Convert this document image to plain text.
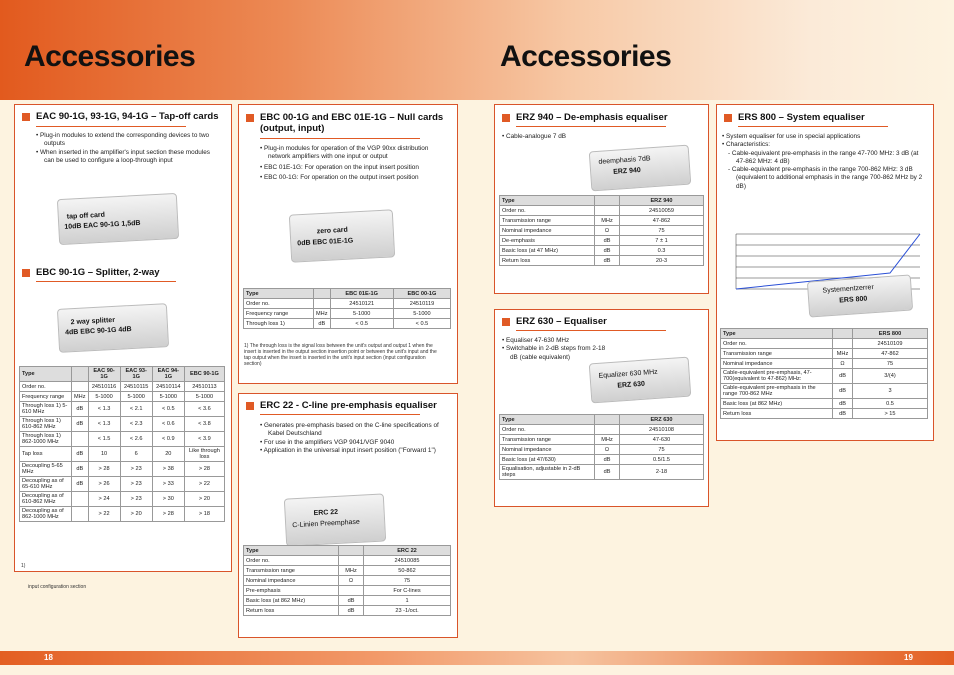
Accessories	Accessories
18	19
EAC 90-1G, 93-1G, 94-1G – Tap-off cards
• Plug-in modules to extend the corresponding devices to two outputs
• When inserted in the amplifier's input section these modules can be used to configure a loop-through input
tap off card
10dB EAC 90-1G 1,5dB
EBC 90-1G – Splitter, 2-way
2 way splitter
4dB EBC 90-1G 4dB
Type		EAC 90-1G	EAC 93-1G	EAC 94-1G	EBC 90-1G
Order no.		24510116	24510115	24510114	24510113
Frequency range	MHz	5-1000	5-1000	5-1000	5-1000
Through loss 1) 5-610 MHz	dB	< 1.3	< 2.1	< 0.5	< 3.6
Through loss 1) 610-862 MHz	dB	< 1.3	< 2.3	< 0.6	< 3.8
Through loss 1) 862-1000 MHz		< 1.5	< 2.6	< 0.9	< 3.9
Tap loss	dB	10	6	20	Like through loss
Decoupling 5-65 MHz	dB	> 28	> 23	> 38	> 28
Decoupling as of 65-610 MHz	dB	> 26	> 23	> 33	> 22
Decoupling as of 610-862 MHz		> 24	> 23	> 30	> 20
Decoupling as of 862-1000 MHz		> 22	> 20	> 28	> 18
1)
input configuration section
EBC 00-1G and EBC 01E-1G – Null cards (output, input)
• Plug-in modules for operation of the VGP 90xx distribution network amplifiers with one input or output
• EBC 01E-1G: For operation on the input insert position
• EBC 00-1G: For operation on the output insert position
zero card
0dB EBC 01E-1G
Type		EBC 01E-1G	EBC 00-1G
Order no.		24510121	24510119
Frequency range	MHz	5-1000	5-1000
Through loss 1)	dB	< 0.5	< 0.5
1) The through loss is the signal loss between the unit's output and output 1 when the insert is inserted in the output section insertion point or between the unit's input and the tap output when the insert is inserted in the unit's input section (input configuration section)
ERC 22 - C-line pre-emphasis equaliser
• Generates pre-emphasis based on the C-line specifications of Kabel Deutschland
• For use in the amplifiers VGP 9041/VGF 9040
• Application in the universal input insert position ("Forward 1")
ERC 22
C-Linien Preemphase
Type		ERC 22
Order no.		24510085
Transmission range	MHz	50-862
Nominal impedance	Ω	75
Pre-emphasis		For C-lines
Basic loss (at 862 MHz)	dB	1
Return loss	dB	23 -1/oct.
ERZ 940 – De-emphasis equaliser
• Cable-analogue 7 dB
deemphasis 7dB
ERZ 940
Type		ERZ 940
Order no.		24510059
Transmission range	MHz	47-862
Nominal impedance	Ω	75
De-emphasis	dB	7 ± 1
Basic loss (at 47 MHz)	dB	0.3
Return loss	dB	20-3
ERZ 630 – Equaliser
• Equaliser 47-630 MHz
• Switchable in 2-dB steps from 2-18 dB (cable equivalent)
Equalizer 630 MHz
ERZ 630
Type		ERZ 630
Order no.		24510108
Transmission range	MHz	47-630
Nominal impedance	Ω	75
Basic loss (at 47/630)	dB	0.5/1.5
Equalisation, adjustable in 2-dB steps	dB	2-18
ERS 800 – System equaliser
• System equaliser for use in special applications
• Characteristics:
- Cable-equivalent pre-emphasis in the range 47-700 MHz: 3 dB (at 47-862 MHz: 4 dB)
- Cable-equivalent pre-emphasis in the range 700-862 MHz: 3 dB (equivalent to additional emphasis in the range 700-862 MHz by 2 dB)
Systementzerrer
ERS 800
Type		ERS 800
Order no.		24510109
Transmission range	MHz	47-862
Nominal impedance	Ω	75
Cable-equivalent pre-emphasis, 47-700(equivalent to 47-862) MHz:	dB	3/(4)
Cable-equivalent pre-emphasis in the range 700-862 MHz	dB	3
Basic loss (at 862 MHz)	dB	0.5
Return loss	dB	> 15
